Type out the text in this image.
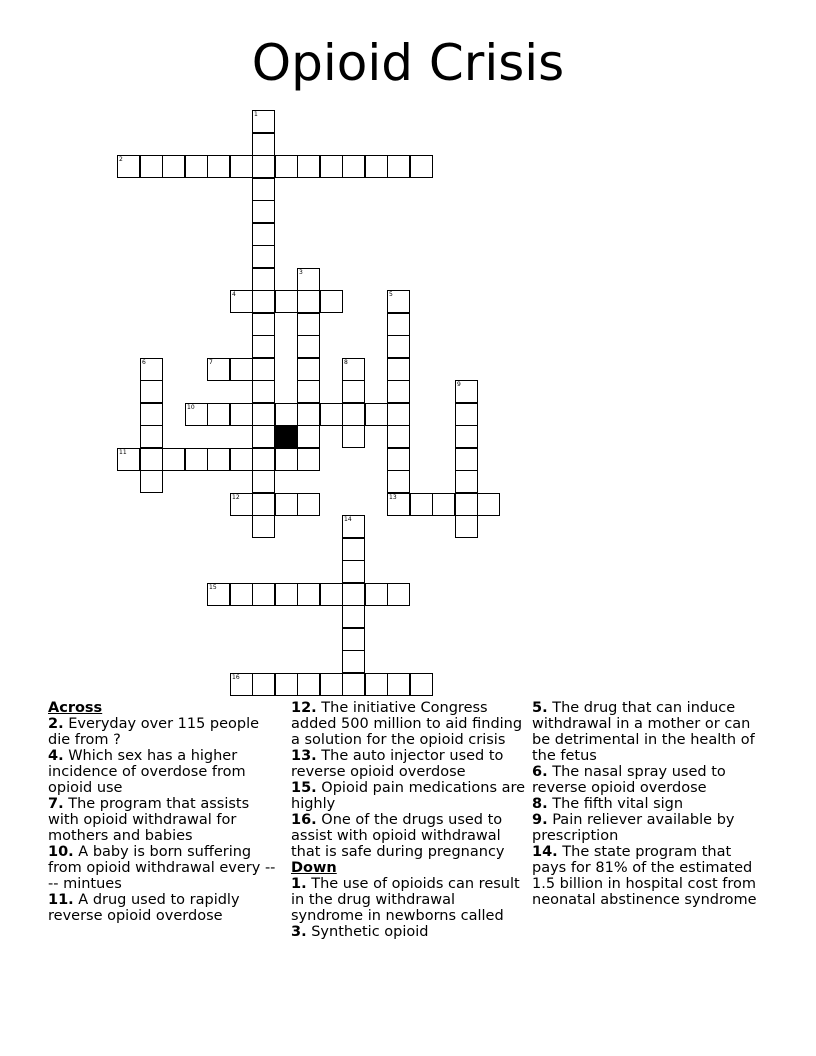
Opioid Crisis
1
2
3
4	5
13
6	7	8
9
10
11
12
14
15
16
Across
2. Everyday over 115 people die from ?
4. Which sex has a higher incidence of overdose from opioid use
7. The program that assists with opioid withdrawal for mothers and babies
10. A baby is born suffering from opioid withdrawal every ---- mintues
11. A drug used to rapidly reverse opioid overdose
12. The initiative Congress added 500 million to aid finding a solution for the opioid crisis
13. The auto injector used to reverse opioid overdose
15. Opioid pain medications are highly
16. One of the drugs used to assist with opioid withdrawal that is safe during pregnancy
Down
1. The use of opioids can result in the drug withdrawal syndrome in newborns called
3. Synthetic opioid
5. The drug that can induce withdrawal in a mother or can be detrimental in the health of the fetus
6. The nasal spray used to reverse opioid overdose
8. The fifth vital sign
9. Pain reliever available by prescription
14. The state program that pays for 81% of the estimated 1.5 billion in hospital cost from neonatal abstinence syndrome
